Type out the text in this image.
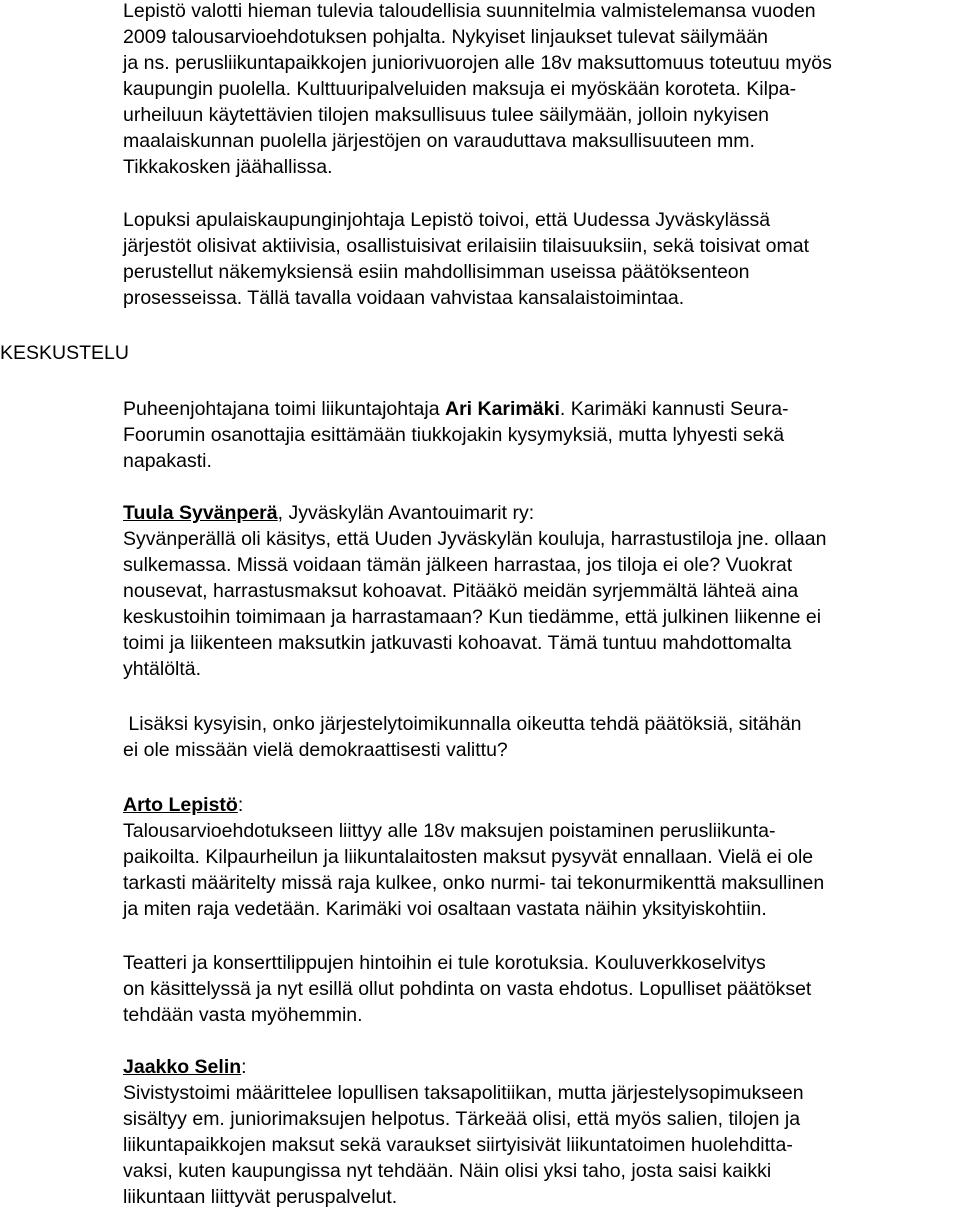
KESKUSTELU
Lepistö valotti hieman tulevia taloudellisia suunnitelmia valmistelemansa vuoden
2009 talousarvioehdotuksen pohjalta. Nykyiset linjaukset tulevat säilymään
ja ns. perusliikuntapaikkojen juniorivuorojen alle 18v maksuttomuus toteutuu myös
kaupungin puolella. Kulttuuripalveluiden maksuja ei myöskään koroteta. Kilpa-
urheiluun käytettävien tilojen maksullisuus tulee säilymään, jolloin nykyisen
maalaiskunnan puolella järjestöjen on varauduttava maksullisuuteen mm.
Tikkakosken jäähallissa.
Lopuksi apulaiskaupunginjohtaja Lepistö toivoi, että Uudessa Jyväskylässä
järjestöt olisivat aktiivisia, osallistuisivat erilaisiin tilaisuuksiin, sekä toisivat omat
perustellut näkemyksiensä esiin mahdollisimman useissa päätöksenteon
prosesseissa. Tällä tavalla voidaan vahvistaa kansalaistoimintaa.
Puheenjohtajana toimi liikuntajohtaja Ari Karimäki. Karimäki kannusti Seura-
Foorumin osanottajia esittämään tiukkojakin kysymyksiä, mutta lyhyesti sekä
napakasti.
Tuula Syvänperä, Jyväskylän Avantouimarit ry:
Syvänperällä oli käsitys, että Uuden Jyväskylän kouluja, harrastustiloja jne. ollaan
sulkemassa. Missä voidaan tämän jälkeen harrastaa, jos tiloja ei ole? Vuokrat
nousevat, harrastusmaksut kohoavat. Pitääkö meidän syrjemmältä lähteä aina
keskustoihin toimimaan ja harrastamaan? Kun tiedämme, että julkinen liikenne ei
toimi ja liikenteen maksutkin jatkuvasti kohoavat. Tämä tuntuu mahdottomalta
yhtälöltä.
Lisäksi kysyisin, onko järjestelytoimikunnalla oikeutta tehdä päätöksiä, sitähän
ei ole missään vielä demokraattisesti valittu?
Arto Lepistö:
Talousarvioehdotukseen liittyy alle 18v maksujen poistaminen perusliikunta-
paikoilta. Kilpaurheilun ja liikuntalaitosten maksut pysyvät ennallaan. Vielä ei ole
tarkasti määritelty missä raja kulkee, onko nurmi- tai tekonurmikenttä maksullinen
ja miten raja vedetään. Karimäki voi osaltaan vastata näihin yksityiskohtiin.
Teatteri ja konserttilippujen hintoihin ei tule korotuksia. Kouluverkkoselvitys
on käsittelyssä ja nyt esillä ollut pohdinta on vasta ehdotus. Lopulliset päätökset
tehdään vasta myöhemmin.
Jaakko Selin:
Sivistystoimi määrittelee lopullisen taksapolitiikan, mutta järjestelysopimukseen
sisältyy em. juniorimaksujen helpotus. Tärkeää olisi, että myös salien, tilojen ja
liikuntapaikkojen maksut sekä varaukset siirtyisivät liikuntatoimen huolehditta-
vaksi, kuten kaupungissa nyt tehdään. Näin olisi yksi taho, josta saisi kaikki
liikuntaan liittyvät peruspalvelut.
